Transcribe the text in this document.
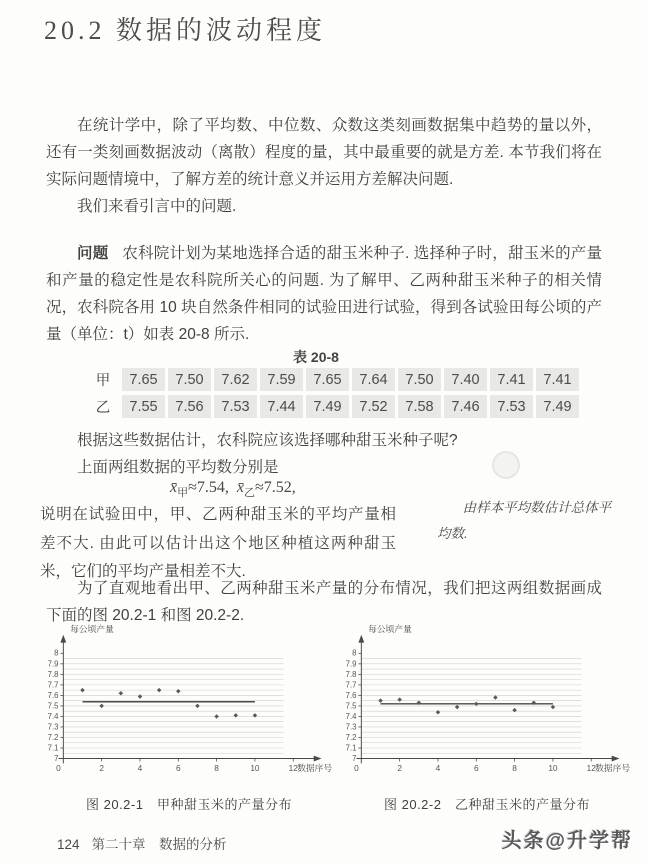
20.2 数据的波动程度

在统计学中，除了平均数、中位数、众数这类刻画数据集中趋势的量以外，还有一类刻画数据波动（离散）程度的量，其中最重要的就是方差. 本节我们将在实际问题情境中，了解方差的统计意义并运用方差解决问题.

我们来看引言中的问题.

问题 农科院计划为某地选择合适的甜玉米种子. 选择种子时，甜玉米的产量和产量的稳定性是农科院所关心的问题. 为了解甲、乙两种甜玉米种子的相关情况，农科院各用 10 块自然条件相同的试验田进行试验，得到各试验田每公顷的产量（单位：t）如表 20-8 所示.

表 20-8
甲	7.65	7.50	7.62	7.59	7.65	7.64	7.50	7.40	7.41	7.41
乙	7.55	7.56	7.53	7.44	7.49	7.52	7.58	7.46	7.53	7.49

根据这些数据估计，农科院应该选择哪种甜玉米种子呢?

上面两组数据的平均数分别是

$x̄_甲\approx 7.54$, $x̄_乙\approx 7.52$,

说明在试验田中，甲、乙两种甜玉米的平均产量相差不大. 由此可以估计出这个地区种植这两种甜玉米，它们的平均产量相差不大.

由样本平均数估计总体平均数.

为了直观地看出甲、乙两种甜玉米产量的分布情况，我们把这两组数据画成下面的图 20.2-1 和图 20.2-2.

7
7.1
7.2
7.3
7.4
7.5
7.6
7.7
7.8
7.9
8
0	2	4	6	8	10	12
每公顷产量
数据序号
图 20.2-1　甲种甜玉米的产量分布
7
7.1
7.2
7.3
7.4
7.5
7.6
7.7
7.8
7.9
8
0	2	4	6	8	10	12
每公顷产量
数据序号
图 20.2-2　乙种甜玉米的产量分布
124 第二十章　数据的分析	头条@升学帮
